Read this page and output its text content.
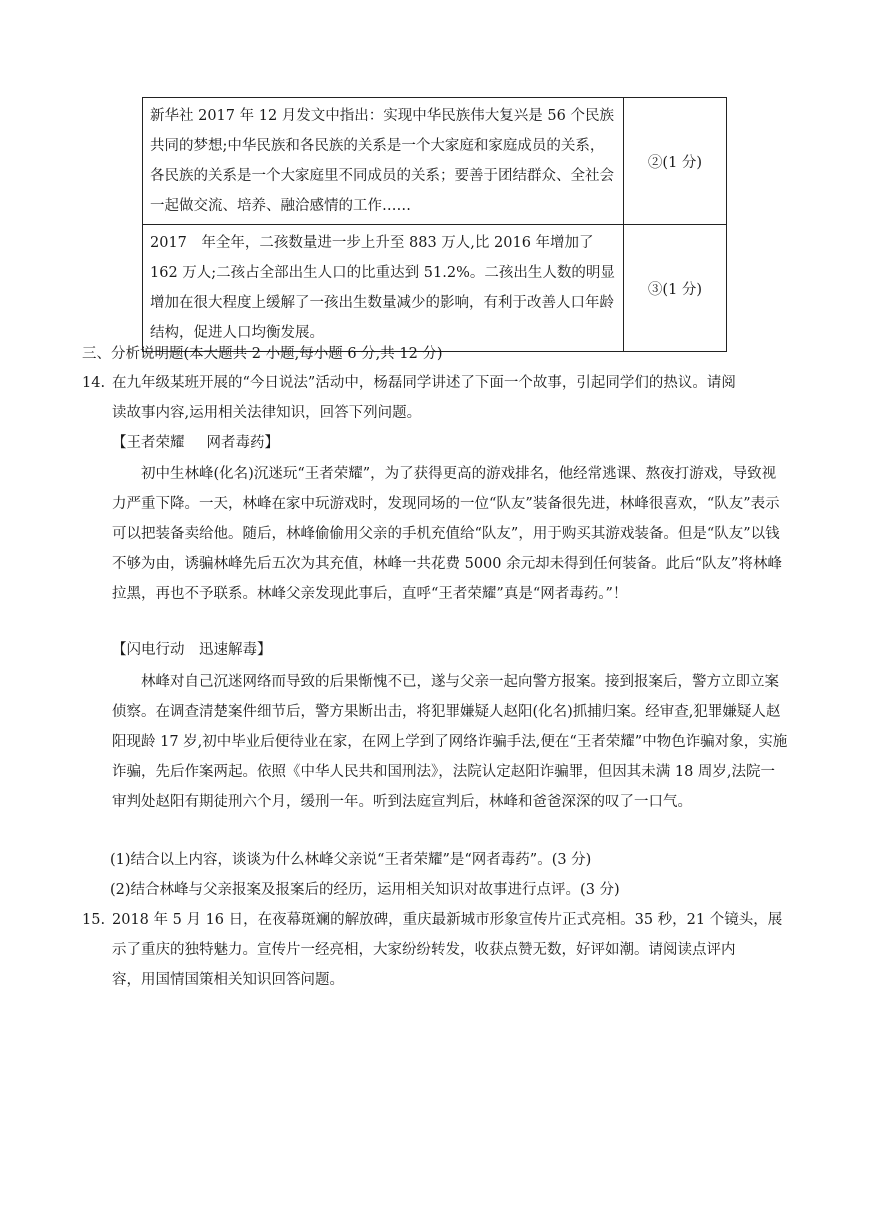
新华社 2017 年 12 月发文中指出：实现中华民族伟大复兴是 56 个民族共同的梦想;中华民族和各民族的关系是一个大家庭和家庭成员的关系，各民族的关系是一个大家庭里不同成员的关系；要善于团结群众、全社会一起做交流、培养、融洽感情的工作……	②(1 分)
2017　年全年，二孩数量进一步上升至 883 万人,比 2016 年增加了 162 万人;二孩占全部出生人口的比重达到 51.2%。二孩出生人数的明显增加在很大程度上缓解了一孩出生数量减少的影响，有利于改善人口年龄结构，促进人口均衡发展。	③(1 分)
三、分析说明题(本大题共 2 小题,每小题 6 分,共 12 分)
14. 在九年级某班开展的“今日说法”活动中，杨磊同学讲述了下面一个故事，引起同学们的热议。请阅
读故事内容,运用相关法律知识，回答下列问题。
【王者荣耀 网者毒药】
初中生林峰(化名)沉迷玩“王者荣耀”，为了获得更高的游戏排名，他经常逃课、熬夜打游戏，导致视力严重下降。一天，林峰在家中玩游戏时，发现同场的一位“队友”装备很先进，林峰很喜欢，“队友”表示可以把装备卖给他。随后，林峰偷偷用父亲的手机充值给“队友”，用于购买其游戏装备。但是“队友”以钱不够为由，诱骗林峰先后五次为其充值，林峰一共花费 5000 余元却未得到任何装备。此后“队友”将林峰拉黑，再也不予联系。林峰父亲发现此事后，直呼“王者荣耀”真是“网者毒药。”！
【闪电行动　迅速解毒】
林峰对自己沉迷网络而导致的后果惭愧不已，遂与父亲一起向警方报案。接到报案后，警方立即立案侦察。在调查清楚案件细节后，警方果断出击，将犯罪嫌疑人赵阳(化名)抓捕归案。经审查,犯罪嫌疑人赵阳现龄 17 岁,初中毕业后便待业在家，在网上学到了网络诈骗手法,便在“王者荣耀”中物色诈骗对象，实施诈骗，先后作案两起。依照《中华人民共和国刑法》，法院认定赵阳诈骗罪，但因其未满 18 周岁,法院一审判处赵阳有期徒刑六个月，缓刑一年。听到法庭宣判后，林峰和爸爸深深的叹了一口气。
(1)结合以上内容，谈谈为什么林峰父亲说“王者荣耀”是“网者毒药”。(3 分)
(2)结合林峰与父亲报案及报案后的经历，运用相关知识对故事进行点评。(3 分)
15. 2018 年 5 月 16 日，在夜幕斑斓的解放碑，重庆最新城市形象宣传片正式亮相。35 秒，21 个镜头，展
示了重庆的独特魅力。宣传片一经亮相，大家纷纷转发，收获点赞无数，好评如潮。请阅读点评内
容，用国情国策相关知识回答问题。
